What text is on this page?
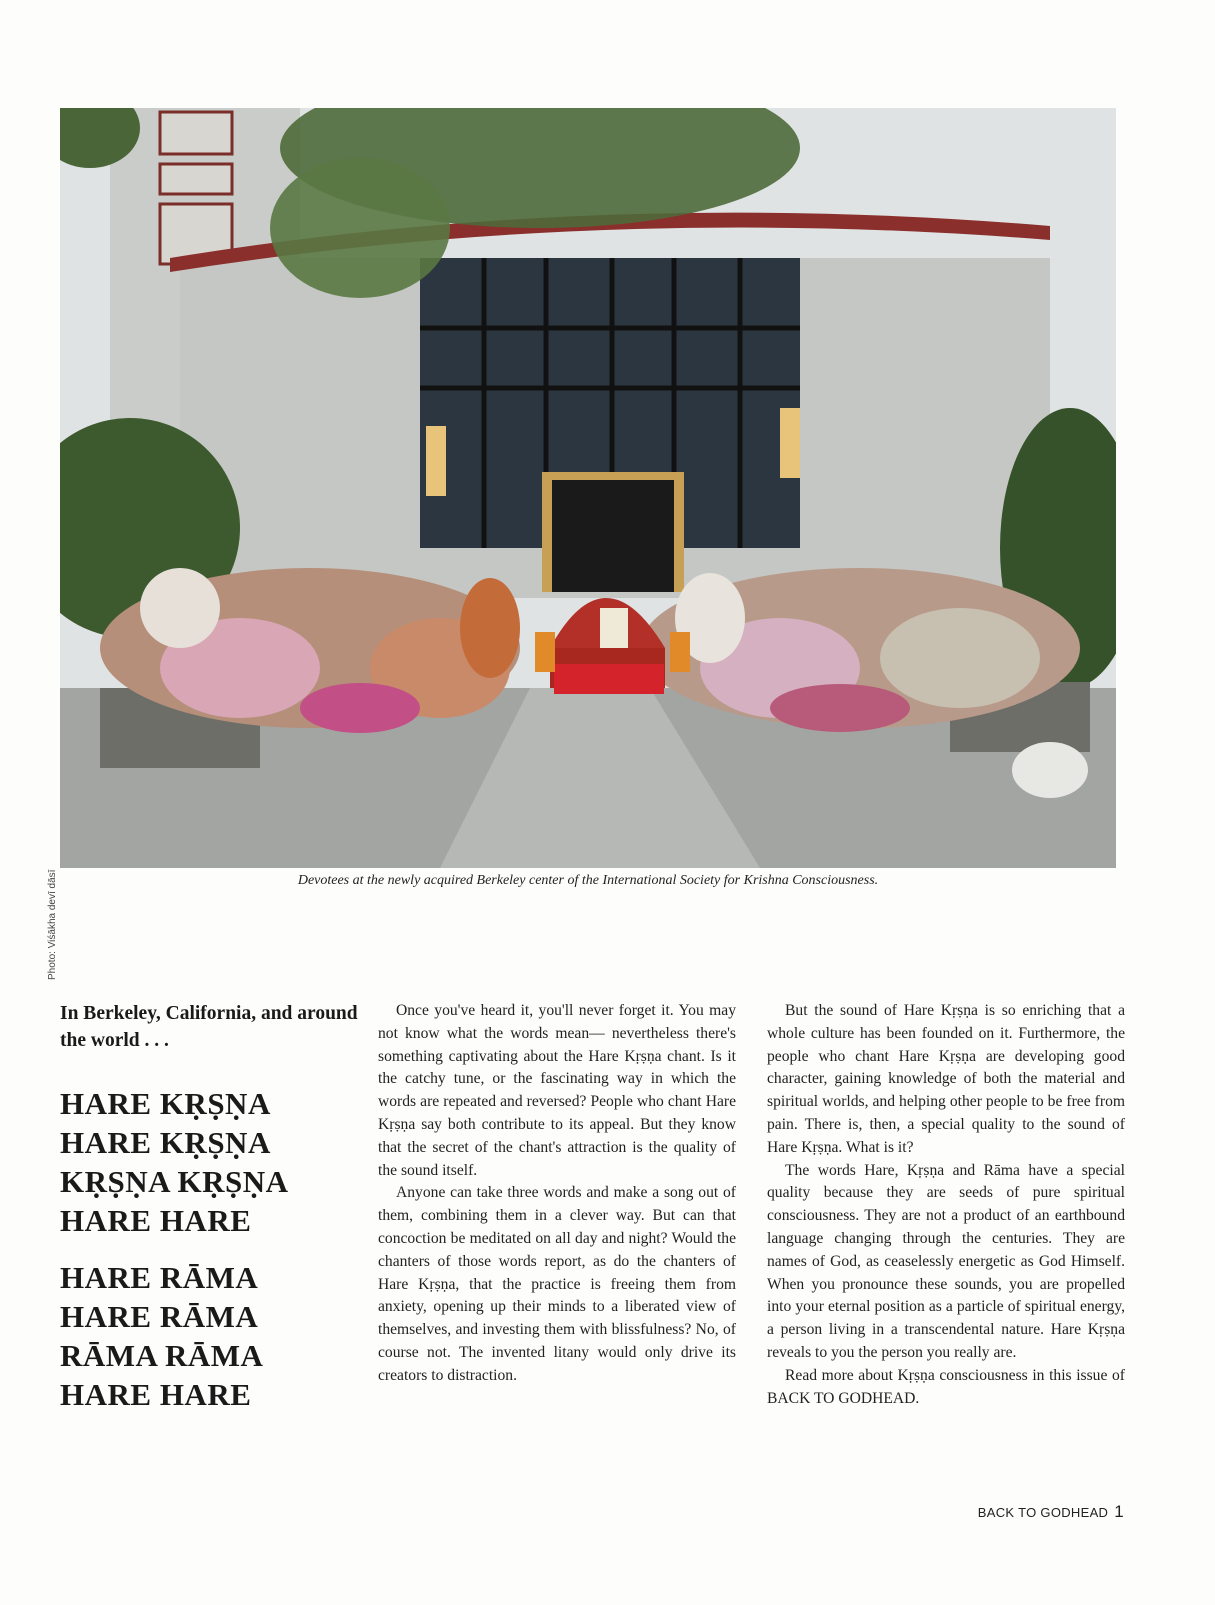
Photo: Viśākha devī dāsī	Devotees at the newly acquired Berkeley center of the International Society for Krishna Consciousness.

In Berkeley, California, and around the world . . .

HARE KṚṢṆA

HARE KṚṢṆA

KṚṢṆA KṚṢṆA

HARE HARE

HARE RĀMA

HARE RĀMA

RĀMA RĀMA

HARE HARE

Once you've heard it, you'll never forget it. You may not know what the words mean— nevertheless there's something captivating about the Hare Kṛṣṇa chant. Is it the catchy tune, or the fascinating way in which the words are repeated and reversed? People who chant Hare Kṛṣṇa say both contribute to its appeal. But they know that the secret of the chant's attraction is the quality of the sound itself.

Anyone can take three words and make a song out of them, combining them in a clever way. But can that concoction be meditated on all day and night? Would the chanters of those words report, as do the chanters of Hare Kṛṣṇa, that the practice is freeing them from anxiety, opening up their minds to a liberated view of themselves, and investing them with blissfulness? No, of course not. The invented litany would only drive its creators to distraction.

But the sound of Hare Kṛṣṇa is so enriching that a whole culture has been founded on it. Furthermore, the people who chant Hare Kṛṣṇa are developing good character, gaining knowledge of both the material and spiritual worlds, and helping other people to be free from pain. There is, then, a special quality to the sound of Hare Kṛṣṇa. What is it?

The words Hare, Kṛṣṇa and Rāma have a special quality because they are seeds of pure spiritual consciousness. They are not a product of an earthbound language changing through the centuries. They are names of God, as ceaselessly energetic as God Himself. When you pronounce these sounds, you are propelled into your eternal position as a particle of spiritual energy, a person living in a transcendental nature. Hare Kṛṣṇa reveals to you the person you really are.

Read more about Kṛṣṇa consciousness in this issue of BACK TO GODHEAD.

BACK TO GODHEAD 1
